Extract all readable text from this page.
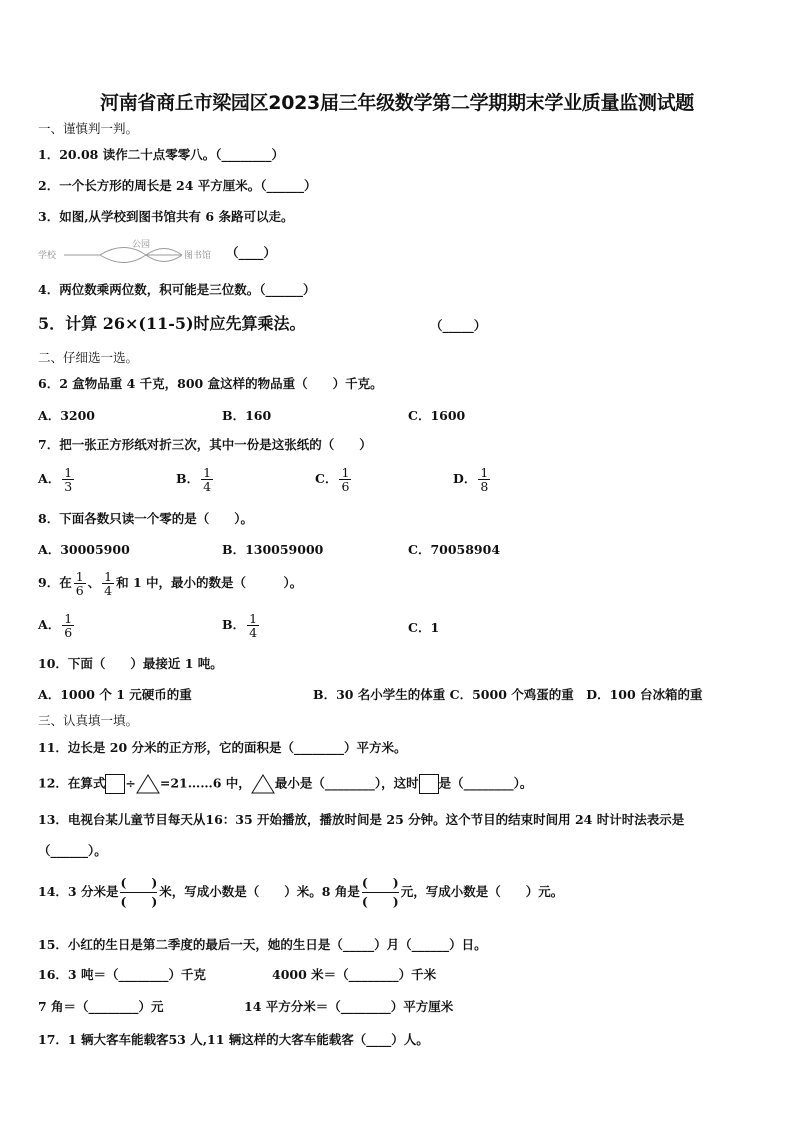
河南省商丘市梁园区2023届三年级数学第二学期期末学业质量监测试题
一、谨慎判一判。
1．20.08 读作二十点零零八。（________）
2．一个长方形的周长是 24 平方厘米。（______）
3．如图,从学校到图书馆共有 6 条路可以走。
学校
公园
图书馆 （____）
4．两位数乘两位数，积可能是三位数。（______）
5．计算 26×(11-5)时应先算乘法。	（_____）
二、仔细选一选。
6．2 盒物品重 4 千克，800 盒这样的物品重（　　）千克。
A．3200	B．160	C．1600
7．把一张正方形纸对折三次，其中一份是这张纸的（　　）
A． $\frac{1}{3}$	B． $\frac{1}{4}$	C． $\frac{1}{6}$	D． $\frac{1}{8}$
8．下面各数只读一个零的是（　　）。
A．30005900	B．130059000	C．70058904
9．在 $\frac{1}{6}$ 、 $\frac{1}{4}$ 和 1 中，最小的数是（　　　）。
A． $\frac{1}{6}$	B． $\frac{1}{4}$	C．1
10．下面（　　）最接近 1 吨。
A．1000 个 1 元硬币的重	B．30 名小学生的体重 C．5000 个鸡蛋的重　D．100 台冰箱的重
三、认真填一填。
11．边长是 20 分米的正方形，它的面积是（________）平方米。
12．在算式 ÷ =21……6 中， 最小是（________），这时 是（________）。
13．电视台某儿童节目每天从16：35 开始播放，播放时间是 25 分钟。这个节目的结束时间用 24 时计时法表示是
（______）。
14．3 分米是
(　　)
(　　)米，写成小数是（　　）米。8 角是
(　　)
(　　)元，写成小数是（　　）元。
15．小红的生日是第二季度的最后一天，她的生日是（_____）月（______）日。
16．3 吨＝（________）千克	4000 米＝（________）千米
7 角＝（________）元	14 平方分米＝（________）平方厘米
17．1 辆大客车能载客53 人,11 辆这样的大客车能载客（____）人。
